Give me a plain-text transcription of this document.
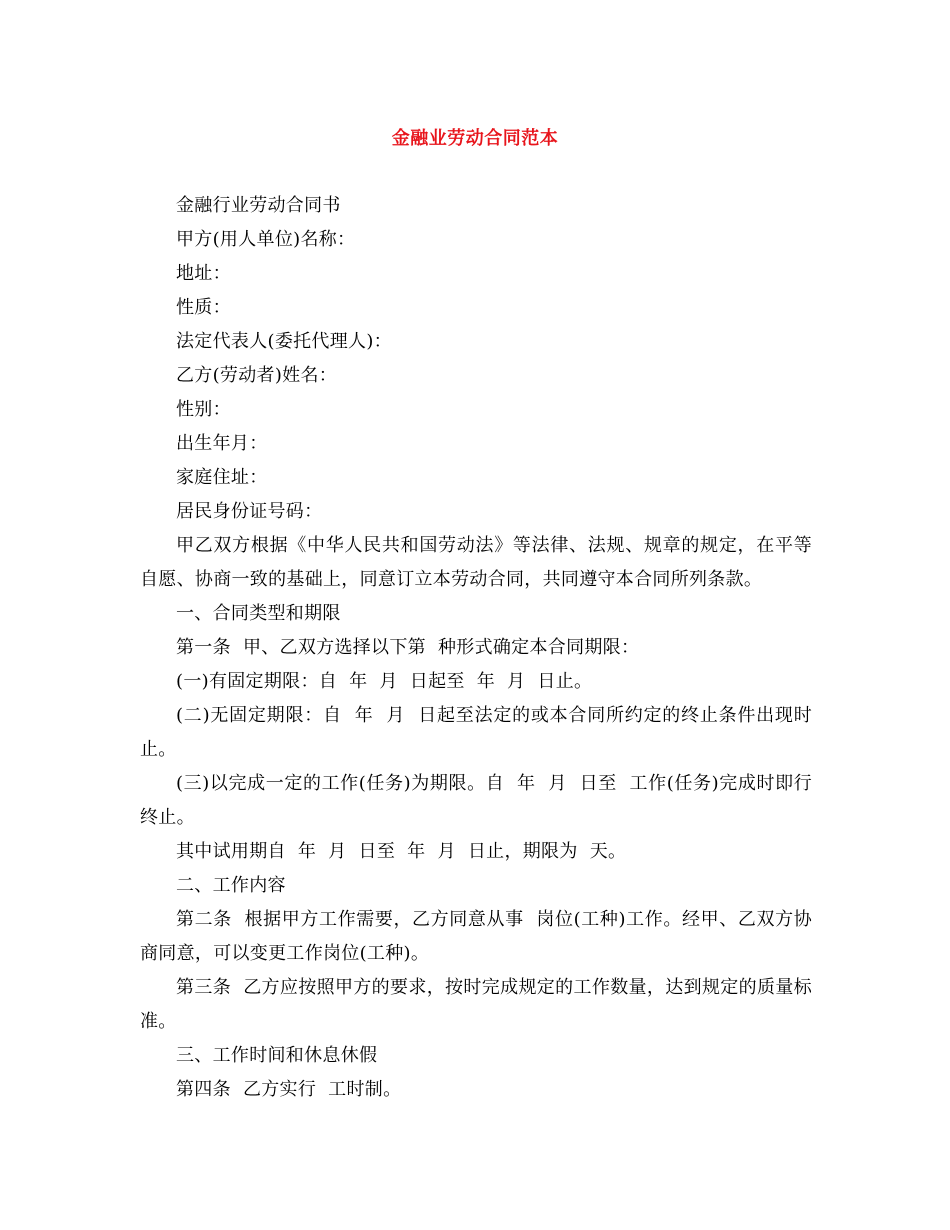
金融业劳动合同范本

金融行业劳动合同书

甲方(用人单位)名称：

地址：

性质：

法定代表人(委托代理人)：

乙方(劳动者)姓名：

性别：

出生年月：

家庭住址：

居民身份证号码：

甲乙双方根据《中华人民共和国劳动法》等法律、法规、规章的规定，在平等自愿、协商一致的基础上，同意订立本劳动合同，共同遵守本合同所列条款。

一、合同类型和期限

第一条  甲、乙双方选择以下第  种形式确定本合同期限：

(一)有固定期限：自  年  月  日起至  年  月  日止。

(二)无固定期限：自  年  月  日起至法定的或本合同所约定的终止条件出现时止。

(三)以完成一定的工作(任务)为期限。自  年  月  日至  工作(任务)完成时即行终止。

其中试用期自  年  月  日至  年  月  日止，期限为  天。

二、工作内容

第二条  根据甲方工作需要，乙方同意从事  岗位(工种)工作。经甲、乙双方协商同意，可以变更工作岗位(工种)。

第三条  乙方应按照甲方的要求，按时完成规定的工作数量，达到规定的质量标准。

三、工作时间和休息休假

第四条  乙方实行  工时制。
